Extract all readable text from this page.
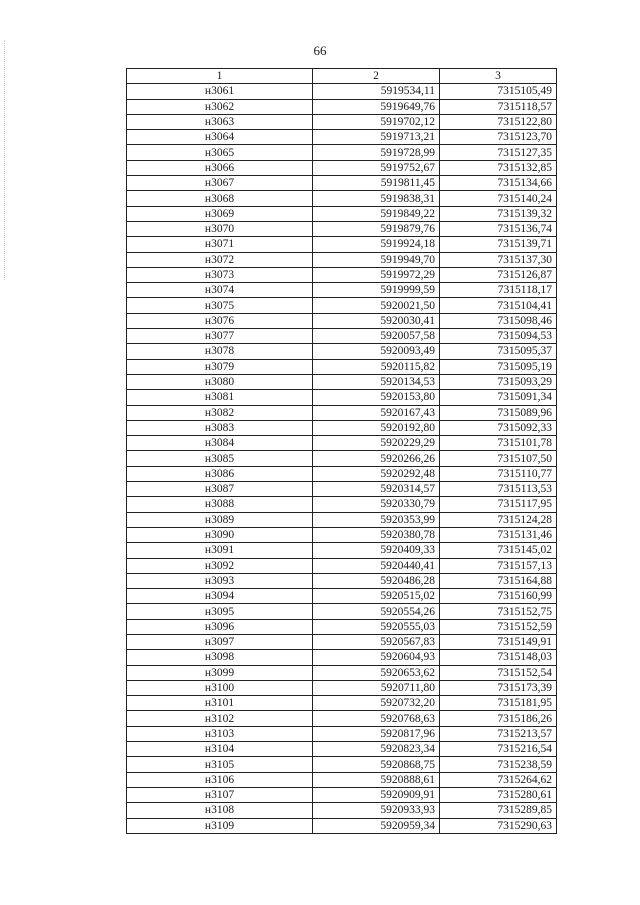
66
1	2	3
н3061	5919534,11	7315105,49
н3062	5919649,76	7315118,57
н3063	5919702,12	7315122,80
н3064	5919713,21	7315123,70
н3065	5919728,99	7315127,35
н3066	5919752,67	7315132,85
н3067	5919811,45	7315134,66
н3068	5919838,31	7315140,24
н3069	5919849,22	7315139,32
н3070	5919879,76	7315136,74
н3071	5919924,18	7315139,71
н3072	5919949,70	7315137,30
н3073	5919972,29	7315126,87
н3074	5919999,59	7315118,17
н3075	5920021,50	7315104,41
н3076	5920030,41	7315098,46
н3077	5920057,58	7315094,53
н3078	5920093,49	7315095,37
н3079	5920115,82	7315095,19
н3080	5920134,53	7315093,29
н3081	5920153,80	7315091,34
н3082	5920167,43	7315089,96
н3083	5920192,80	7315092,33
н3084	5920229,29	7315101,78
н3085	5920266,26	7315107,50
н3086	5920292,48	7315110,77
н3087	5920314,57	7315113,53
н3088	5920330,79	7315117,95
н3089	5920353,99	7315124,28
н3090	5920380,78	7315131,46
н3091	5920409,33	7315145,02
н3092	5920440,41	7315157,13
н3093	5920486,28	7315164,88
н3094	5920515,02	7315160,99
н3095	5920554,26	7315152,75
н3096	5920555,03	7315152,59
н3097	5920567,83	7315149,91
н3098	5920604,93	7315148,03
н3099	5920653,62	7315152,54
н3100	5920711,80	7315173,39
н3101	5920732,20	7315181,95
н3102	5920768,63	7315186,26
н3103	5920817,96	7315213,57
н3104	5920823,34	7315216,54
н3105	5920868,75	7315238,59
н3106	5920888,61	7315264,62
н3107	5920909,91	7315280,61
н3108	5920933,93	7315289,85
н3109	5920959,34	7315290,63
